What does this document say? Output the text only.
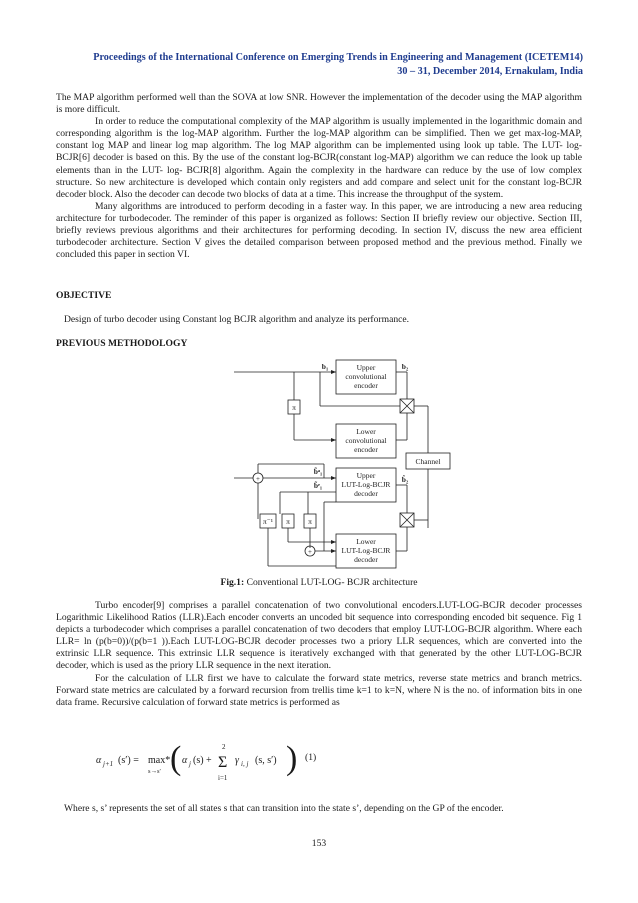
Proceedings of the International Conference on Emerging Trends in Engineering and Management (ICETEM14)
30 – 31, December 2014, Ernakulam, India

The MAP algorithm performed well than the SOVA at low SNR. However the implementation of the decoder using the MAP algorithm is more difficult.

In order to reduce the computational complexity of the MAP algorithm is usually implemented in the logarithmic domain and corresponding algorithm is the log-MAP algorithm. Further the log-MAP algorithm can be simplified. Then we get max-log-MAP, constant log MAP and linear log map algorithm. The log MAP algorithm can be implemented using look up table. The LUT- log-BCJR[6] decoder is based on this. By the use of the constant log-BCJR(constant log-MAP) algorithm we can reduce the look up table elements than in the LUT- log- BCJR[8] algorithm. Again the complexity in the hardware can reduce by the use of low complex structure. So new architecture is developed which contain only registers and add compare and select unit for the constant log-BCJR decoder block. Also the decoder can decode two blocks of data at a time. This increase the throughput of the system.

Many algorithms are introduced to perform decoding in a faster way. In this paper, we are introducing a new area reducing architecture for turbodecoder. The reminder of this paper is organized as follows: Section II briefly review our objective. Section III, briefly reviews previous algorithms and their architectures for performing decoding. In section IV, discuss the new area efficient turbodecoder architecture. Section V gives the detailed comparison between proposed method and the previous method. Finally we concluded this paper in section VI.

OBJECTIVE

Design of turbo decoder using Constant log BCJR algorithm and analyze its performance.

PREVIOUS METHODOLOGY
Upper
convolutional
encoder
Lower
convolutional
encoder
Upper
LUT-Log-BCJR
decoder
Lower
LUT-Log-BCJR
decoder
Channel
π
π⁻¹ π π
+
+
b₁	b₂
b̃ᵃ₁
b̃ᵉ₁
b̂₂
Fig.1: Conventional LUT-LOG- BCJR architecture

Turbo encoder[9] comprises a parallel concatenation of two convolutional encoders.LUT-LOG-BCJR decoder processes Logarithmic Likelihood Ratios (LLR).Each encoder converts an uncoded bit sequence into corresponding encoded bit sequence. Fig 1 depicts a turbodecoder which comprises a parallel concatenation of two decoders that employ LUT-LOG-BCJR algorithm. Where each LLR= ln (p(b=0))/(p(b=1 )).Each LUT-LOG-BCJR decoder processes two a priory LLR sequences, which are converted into the extrinsic LLR sequence. This extrinsic LLR sequence is iteratively exchanged with that generated by the other LUT-LOG-BCJR decoder, which is used as the priory LLR sequence in the next iteration.

For the calculation of LLR first we have to calculate the forward state metrics, reverse state metrics and branch metrics. Forward state metrics are calculated by a forward recursion from trellis time k=1 to k=N, where N is the no. of information bits in one data frame. Recursive calculation of forward state metrics is performed as

α j+1 (s′) = max*
s→s′ ( α j (s) +
2
Σ
i=1
γ i, j (s, s′) ) (1)

Where s, s’ represents the set of all states s that can transition into the state s’, depending on the GP of the encoder.

153
